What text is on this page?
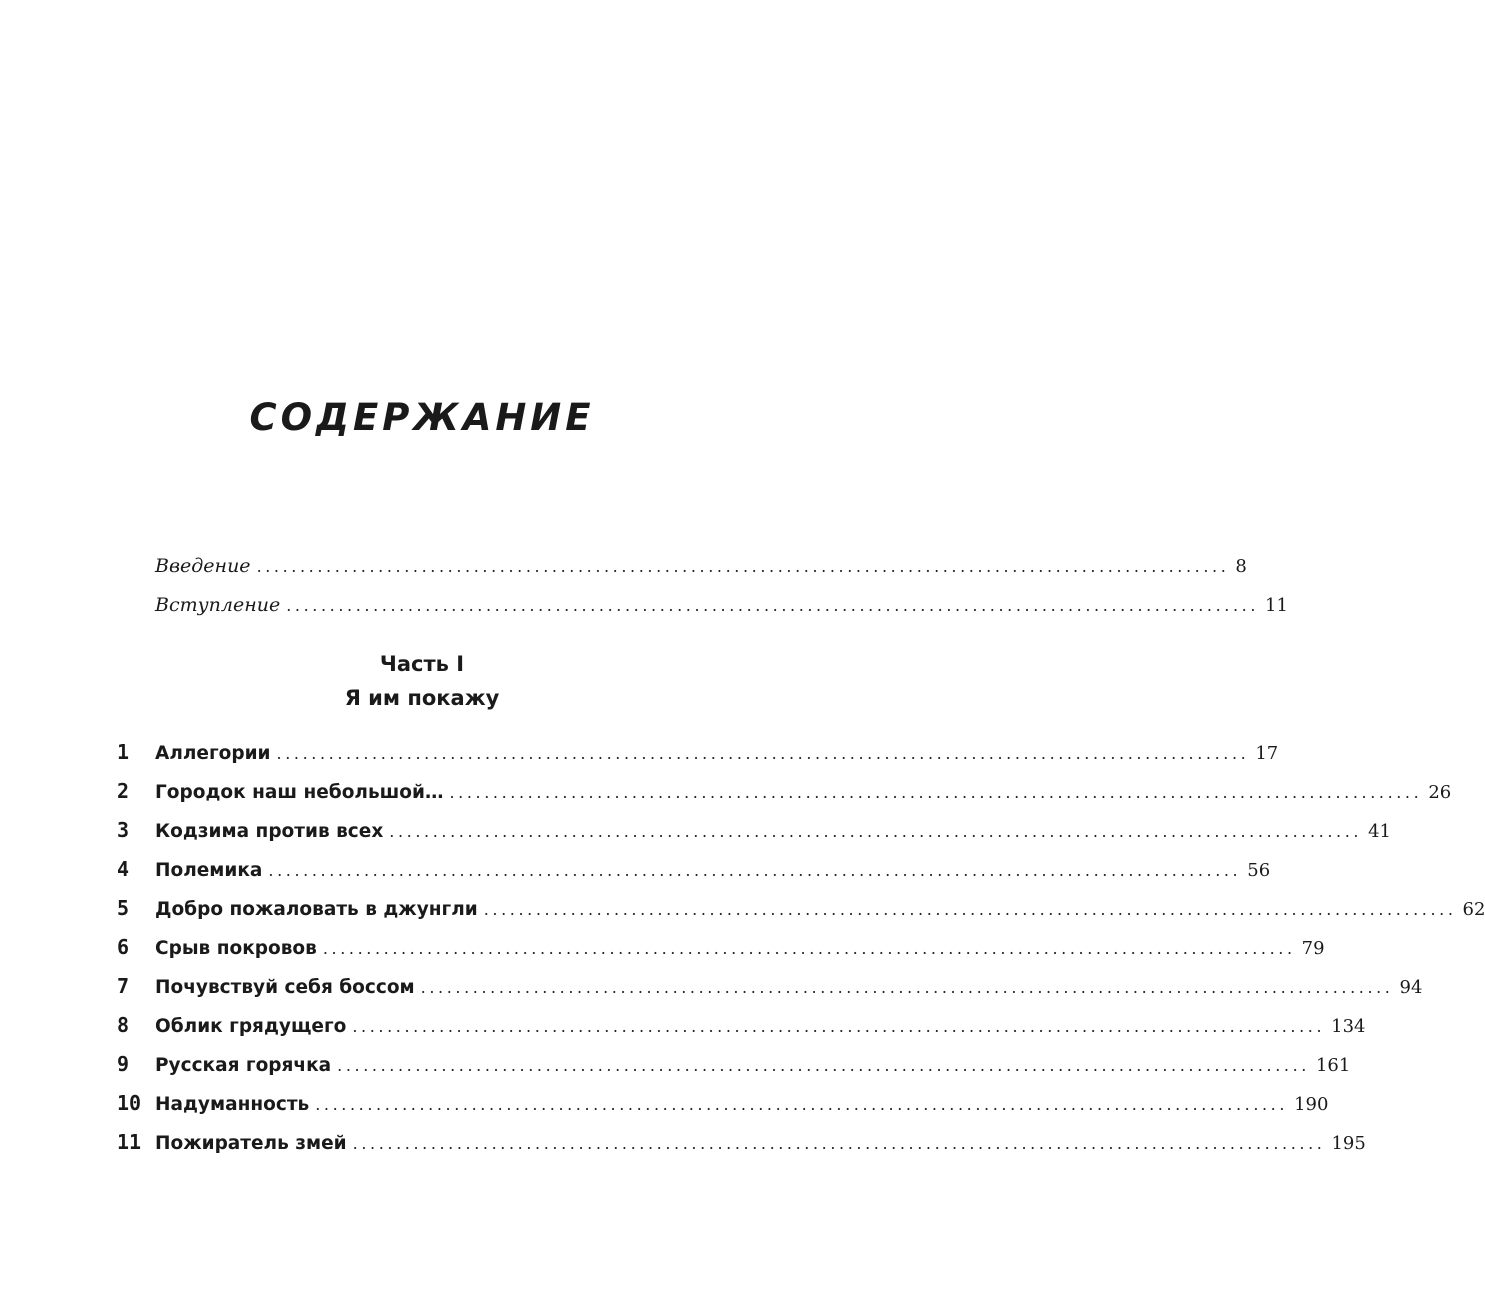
СОДЕРЖАНИЕ
Введение ................................................................................................................ 8
Вступление ................................................................................................................ 11
Часть I
Я им покажу
1	Аллегории ................................................................................................................ 17
2	Городок наш небольшой… ................................................................................................................ 26
3	Кодзима против всех ................................................................................................................ 41
4	Полемика ................................................................................................................ 56
5	Добро пожаловать в джунгли ................................................................................................................ 62
6	Срыв покровов ................................................................................................................ 79
7	Почувствуй себя боссом ................................................................................................................ 94
8	Облик грядущего ................................................................................................................ 134
9	Русская горячка ................................................................................................................ 161
10 Надуманность ................................................................................................................ 190
11 Пожиратель змей ................................................................................................................ 195
